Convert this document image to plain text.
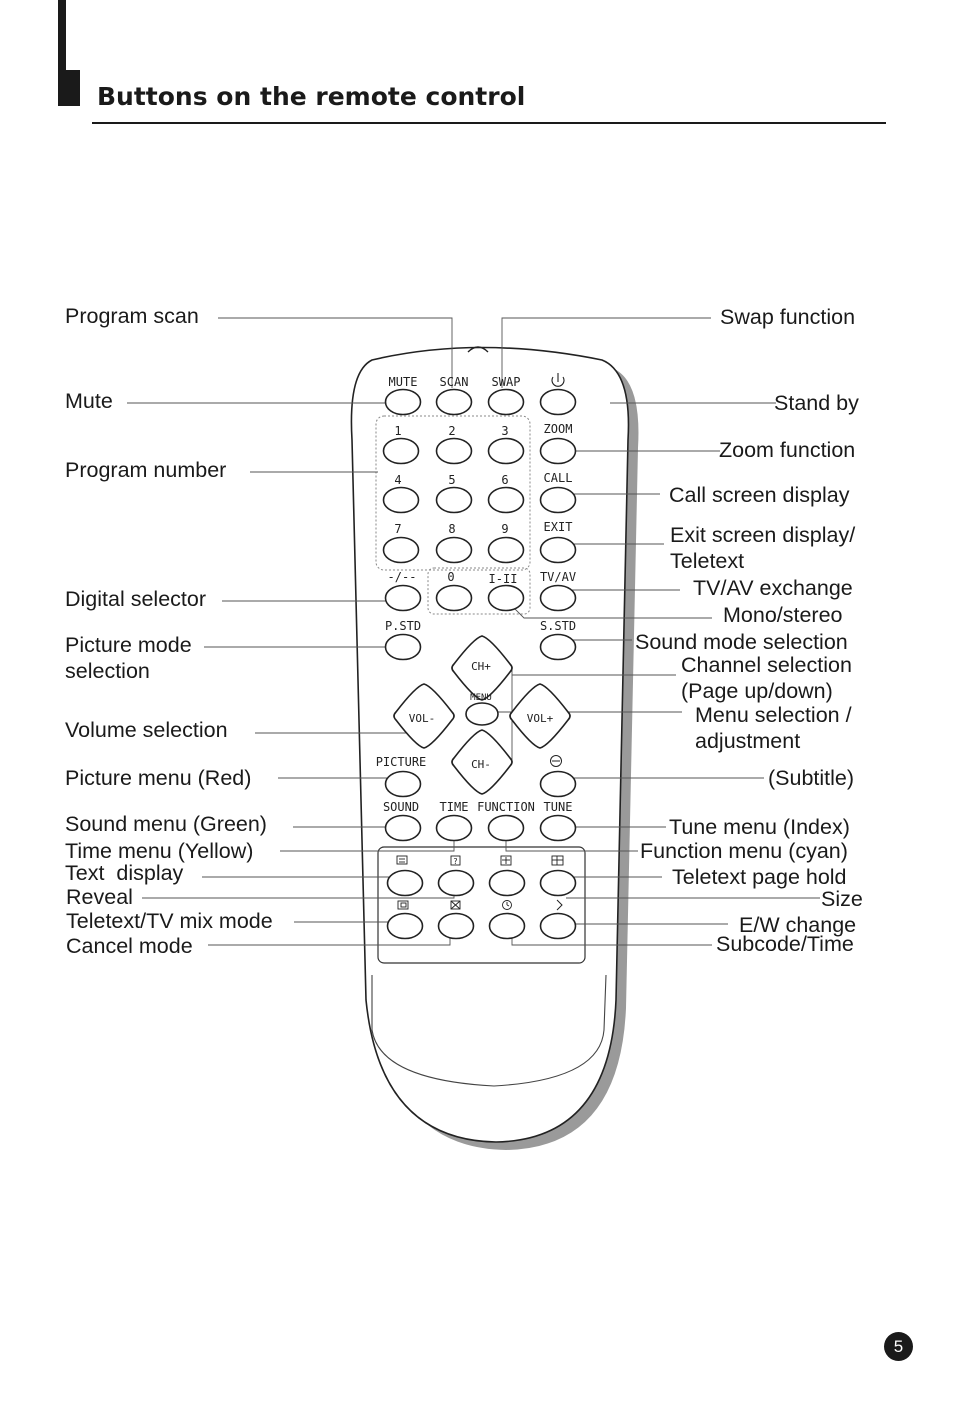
Buttons on the remote control
MUTE SCAN SWAP
1	2	3
4	5	6
7	8	9
0
ZOOM
CALL
EXIT
TV/AV
-/--	I-II
P.STD	S.STD
CH+
CH-
VOL-	VOL+
MENU
PICTURE
SOUND TIME FUNCTION TUNE
?
Program scan
Mute
Program number
Digital selector
Picture mode selection
Volume selection
Picture menu (Red)
Sound menu (Green)
Time menu (Yellow)
Text  display
Reveal
Teletext/TV mix mode
Cancel mode
Swap function
Stand by
Zoom function
Call screen display
Exit screen display/ Teletext
TV/AV exchange
Mono/stereo
Sound mode selection
Channel selection (Page up/down)
Menu selection / adjustment
(Subtitle)
Tune menu (Index)
Function menu (cyan)
Teletext page hold
Size
E/W change
Subcode/Time
5
